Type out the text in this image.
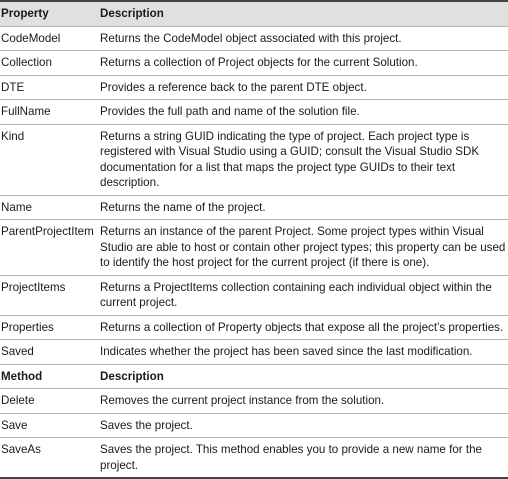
Property	Description
CodeModel	Returns the CodeModel object associated with this project.
Collection	Returns a collection of Project objects for the current Solution.
DTE	Provides a reference back to the parent DTE object.
FullName	Provides the full path and name of the solution file.
Kind	Returns a string GUID indicating the type of project. Each project type is registered with Visual Studio using a GUID; consult the Visual Studio SDK documentation for a list that maps the project type GUIDs to their text description.
Name	Returns the name of the project.
ParentProjectItem Returns an instance of the parent Project. Some project types within Visual Studio are able to host or contain other project types; this property can be used to identify the host project for the current project (if there is one).
ProjectItems	Returns a ProjectItems collection containing each individual object within the current project.
Properties	Returns a collection of Property objects that expose all the project’s properties.
Saved	Indicates whether the project has been saved since the last modification.
Method	Description
Delete	Removes the current project instance from the solution.
Save	Saves the project.
SaveAs	Saves the project. This method enables you to provide a new name for the project.
